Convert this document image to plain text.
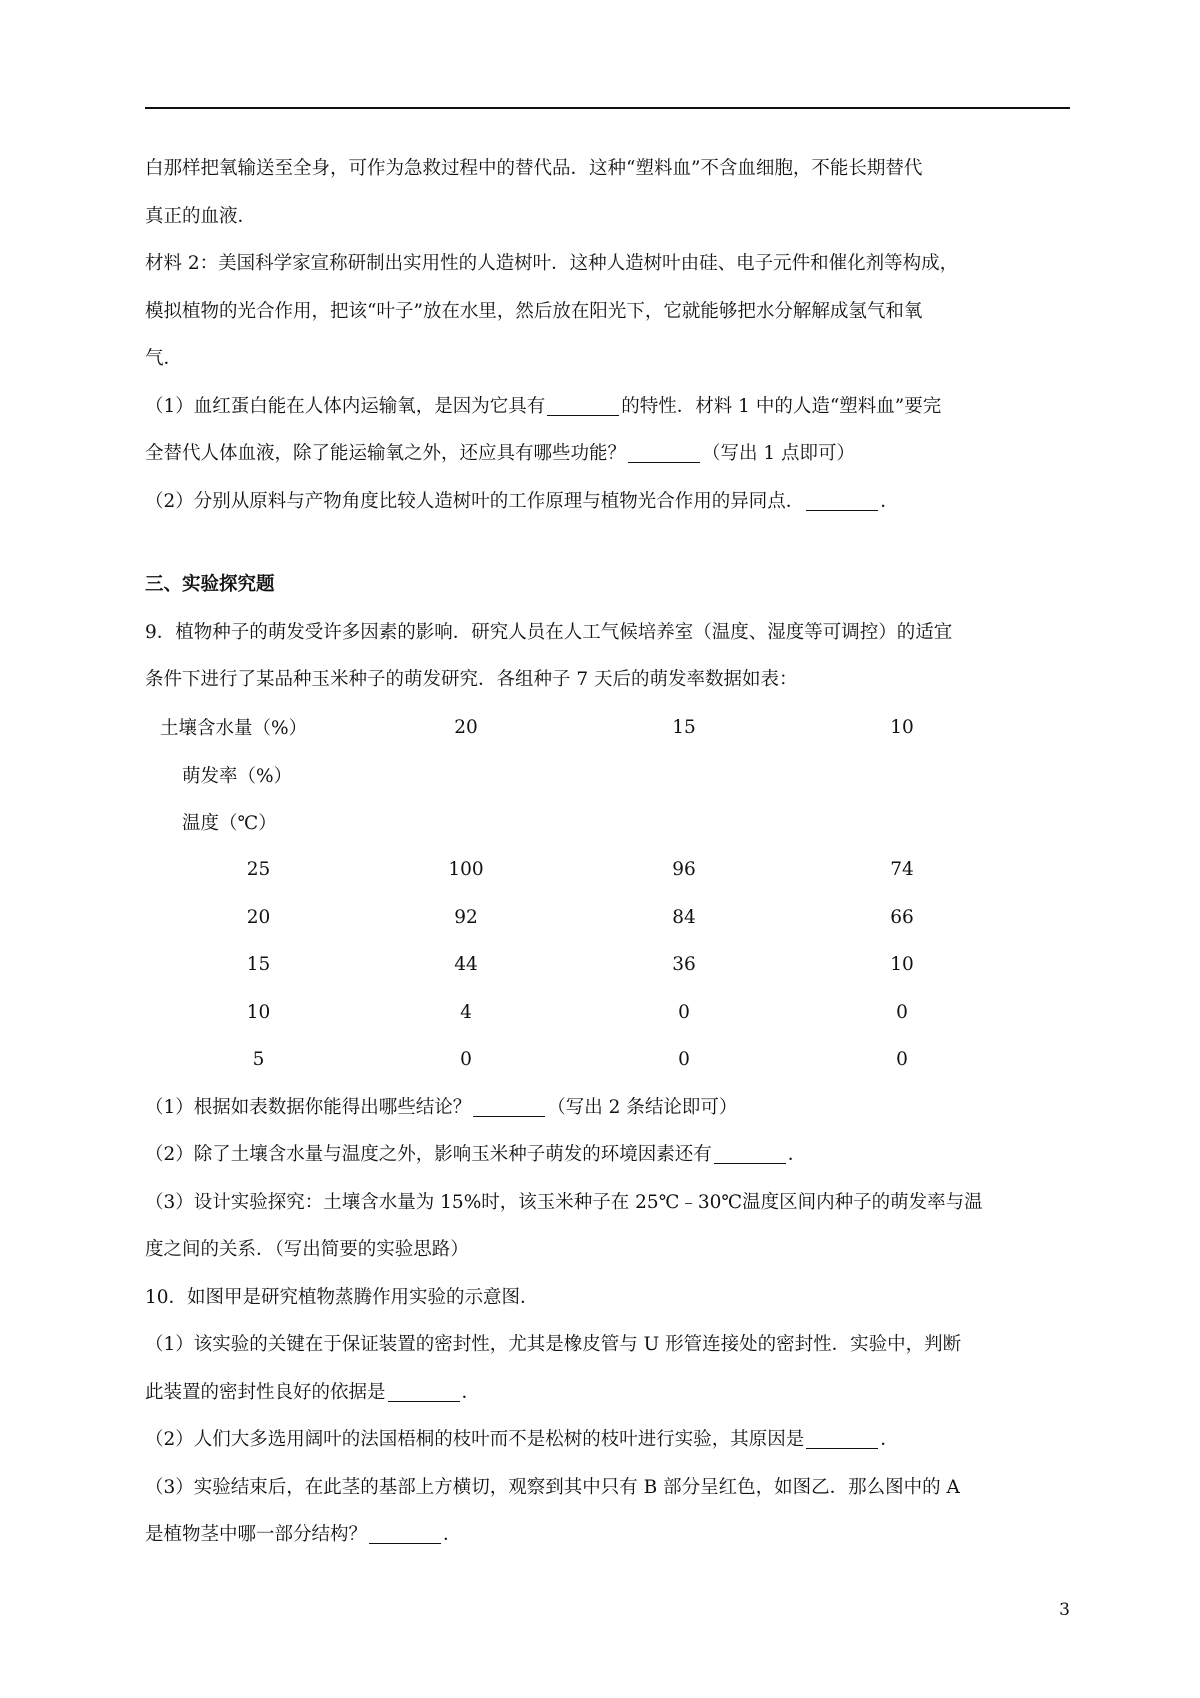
白那样把氧输送至全身，可作为急救过程中的替代品．这种“塑料血”不含血细胞，不能长期替代

真正的血液．

材料 2：美国科学家宣称研制出实用性的人造树叶．这种人造树叶由硅、电子元件和催化剂等构成，

模拟植物的光合作用，把该“叶子”放在水里，然后放在阳光下，它就能够把水分解解成氢气和氧

气．

（1）血红蛋白能在人体内运输氧，是因为它具有	的特性．材料 1 中的人造“塑料血”要完

全替代人体血液，除了能运输氧之外，还应具有哪些功能？	（写出 1 点即可）

（2）分别从原料与产物角度比较人造树叶的工作原理与植物光合作用的异同点．	．

三、实验探究题

9．植物种子的萌发受许多因素的影响．研究人员在人工气候培养室（温度、湿度等可调控）的适宜

条件下进行了某品种玉米种子的萌发研究．各组种子 7 天后的萌发率数据如表：

土壤含水量（%）	20	15	10
萌发率（%）			
温度（℃）			
25	100	96	74
20	92	84	66
15	44	36	10
10	4	0	0
5	0	0	0

（1）根据如表数据你能得出哪些结论？	（写出 2 条结论即可）

（2）除了土壤含水量与温度之外，影响玉米种子萌发的环境因素还有	．

（3）设计实验探究：土壤含水量为 15%时，该玉米种子在 25℃﹣30℃温度区间内种子的萌发率与温

度之间的关系．（写出简要的实验思路）

10．如图甲是研究植物蒸腾作用实验的示意图．

（1）该实验的关键在于保证装置的密封性，尤其是橡皮管与 U 形管连接处的密封性．实验中，判断

此装置的密封性良好的依据是	．

（2）人们大多选用阔叶的法国梧桐的枝叶而不是松树的枝叶进行实验，其原因是	．

（3）实验结束后，在此茎的基部上方横切，观察到其中只有 B 部分呈红色，如图乙．那么图中的 A

是植物茎中哪一部分结构？	．

3
